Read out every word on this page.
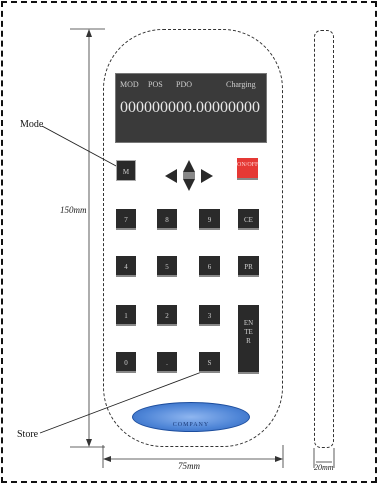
Mode
Store
150mm
75mm	20mm
MOD POS PDO	Charging
000000000.00000000
M
ON/OFF
7	8	9	CE
4	5	6	PR
1	2	3
ENTER
0	.	S
$_{COMPANY}$
